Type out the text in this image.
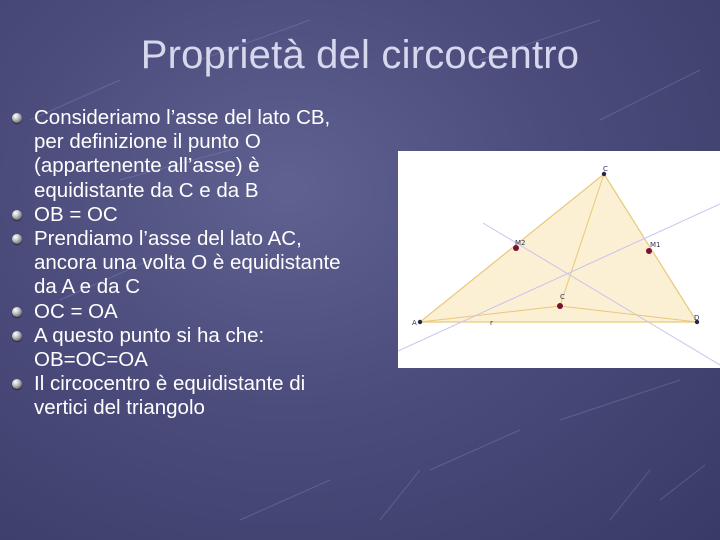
Proprietà del circocentro
Consideriamo l’asse del lato CB,
per definizione il punto O
(appartenente all’asse) è
equidistante da C e da B
OB = OC
Prendiamo l’asse del lato AC,
ancora una volta O è equidistante
da A e da C
OC = OA
A questo punto si ha che:
OB=OC=OA
Il circocentro è equidistante di
vertici del triangolo
A
D
C
M2	M1
C
r
